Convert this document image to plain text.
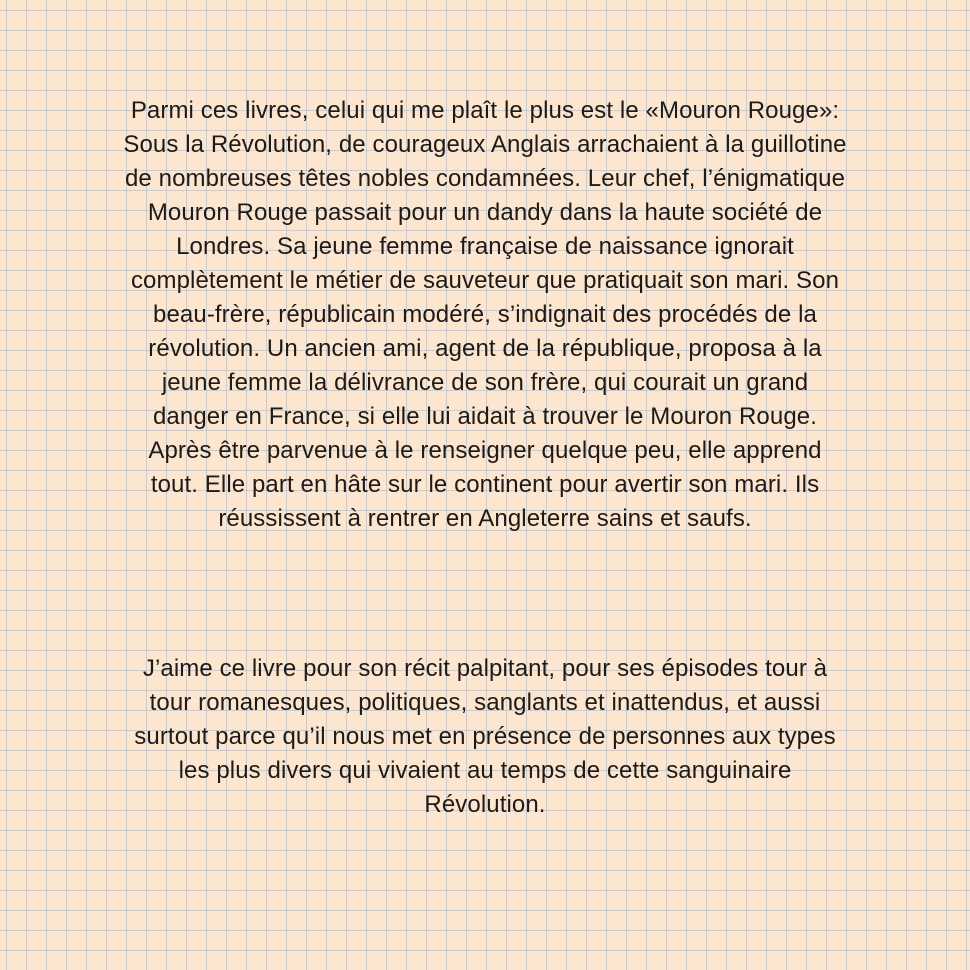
Parmi ces livres, celui qui me plaît le plus est le «Mouron Rouge»:
Sous la Révolution, de courageux Anglais arrachaient à la guillotine
de nombreuses têtes nobles condamnées. Leur chef, l’énigmatique
Mouron Rouge passait pour un dandy dans la haute société de
Londres. Sa jeune femme française de naissance ignorait
complètement le métier de sauveteur que pratiquait son mari. Son
beau-frère, républicain modéré, s’indignait des procédés de la
révolution. Un ancien ami, agent de la république, proposa à la
jeune femme la délivrance de son frère, qui courait un grand
danger en France, si elle lui aidait à trouver le Mouron Rouge.
Après être parvenue à le renseigner quelque peu, elle apprend
tout. Elle part en hâte sur le continent pour avertir son mari. Ils
réussissent à rentrer en Angleterre sains et saufs.

J’aime ce livre pour son récit palpitant, pour ses épisodes tour à
tour romanesques, politiques, sanglants et inattendus, et aussi
surtout parce qu’il nous met en présence de personnes aux types
les plus divers qui vivaient au temps de cette sanguinaire
Révolution.
